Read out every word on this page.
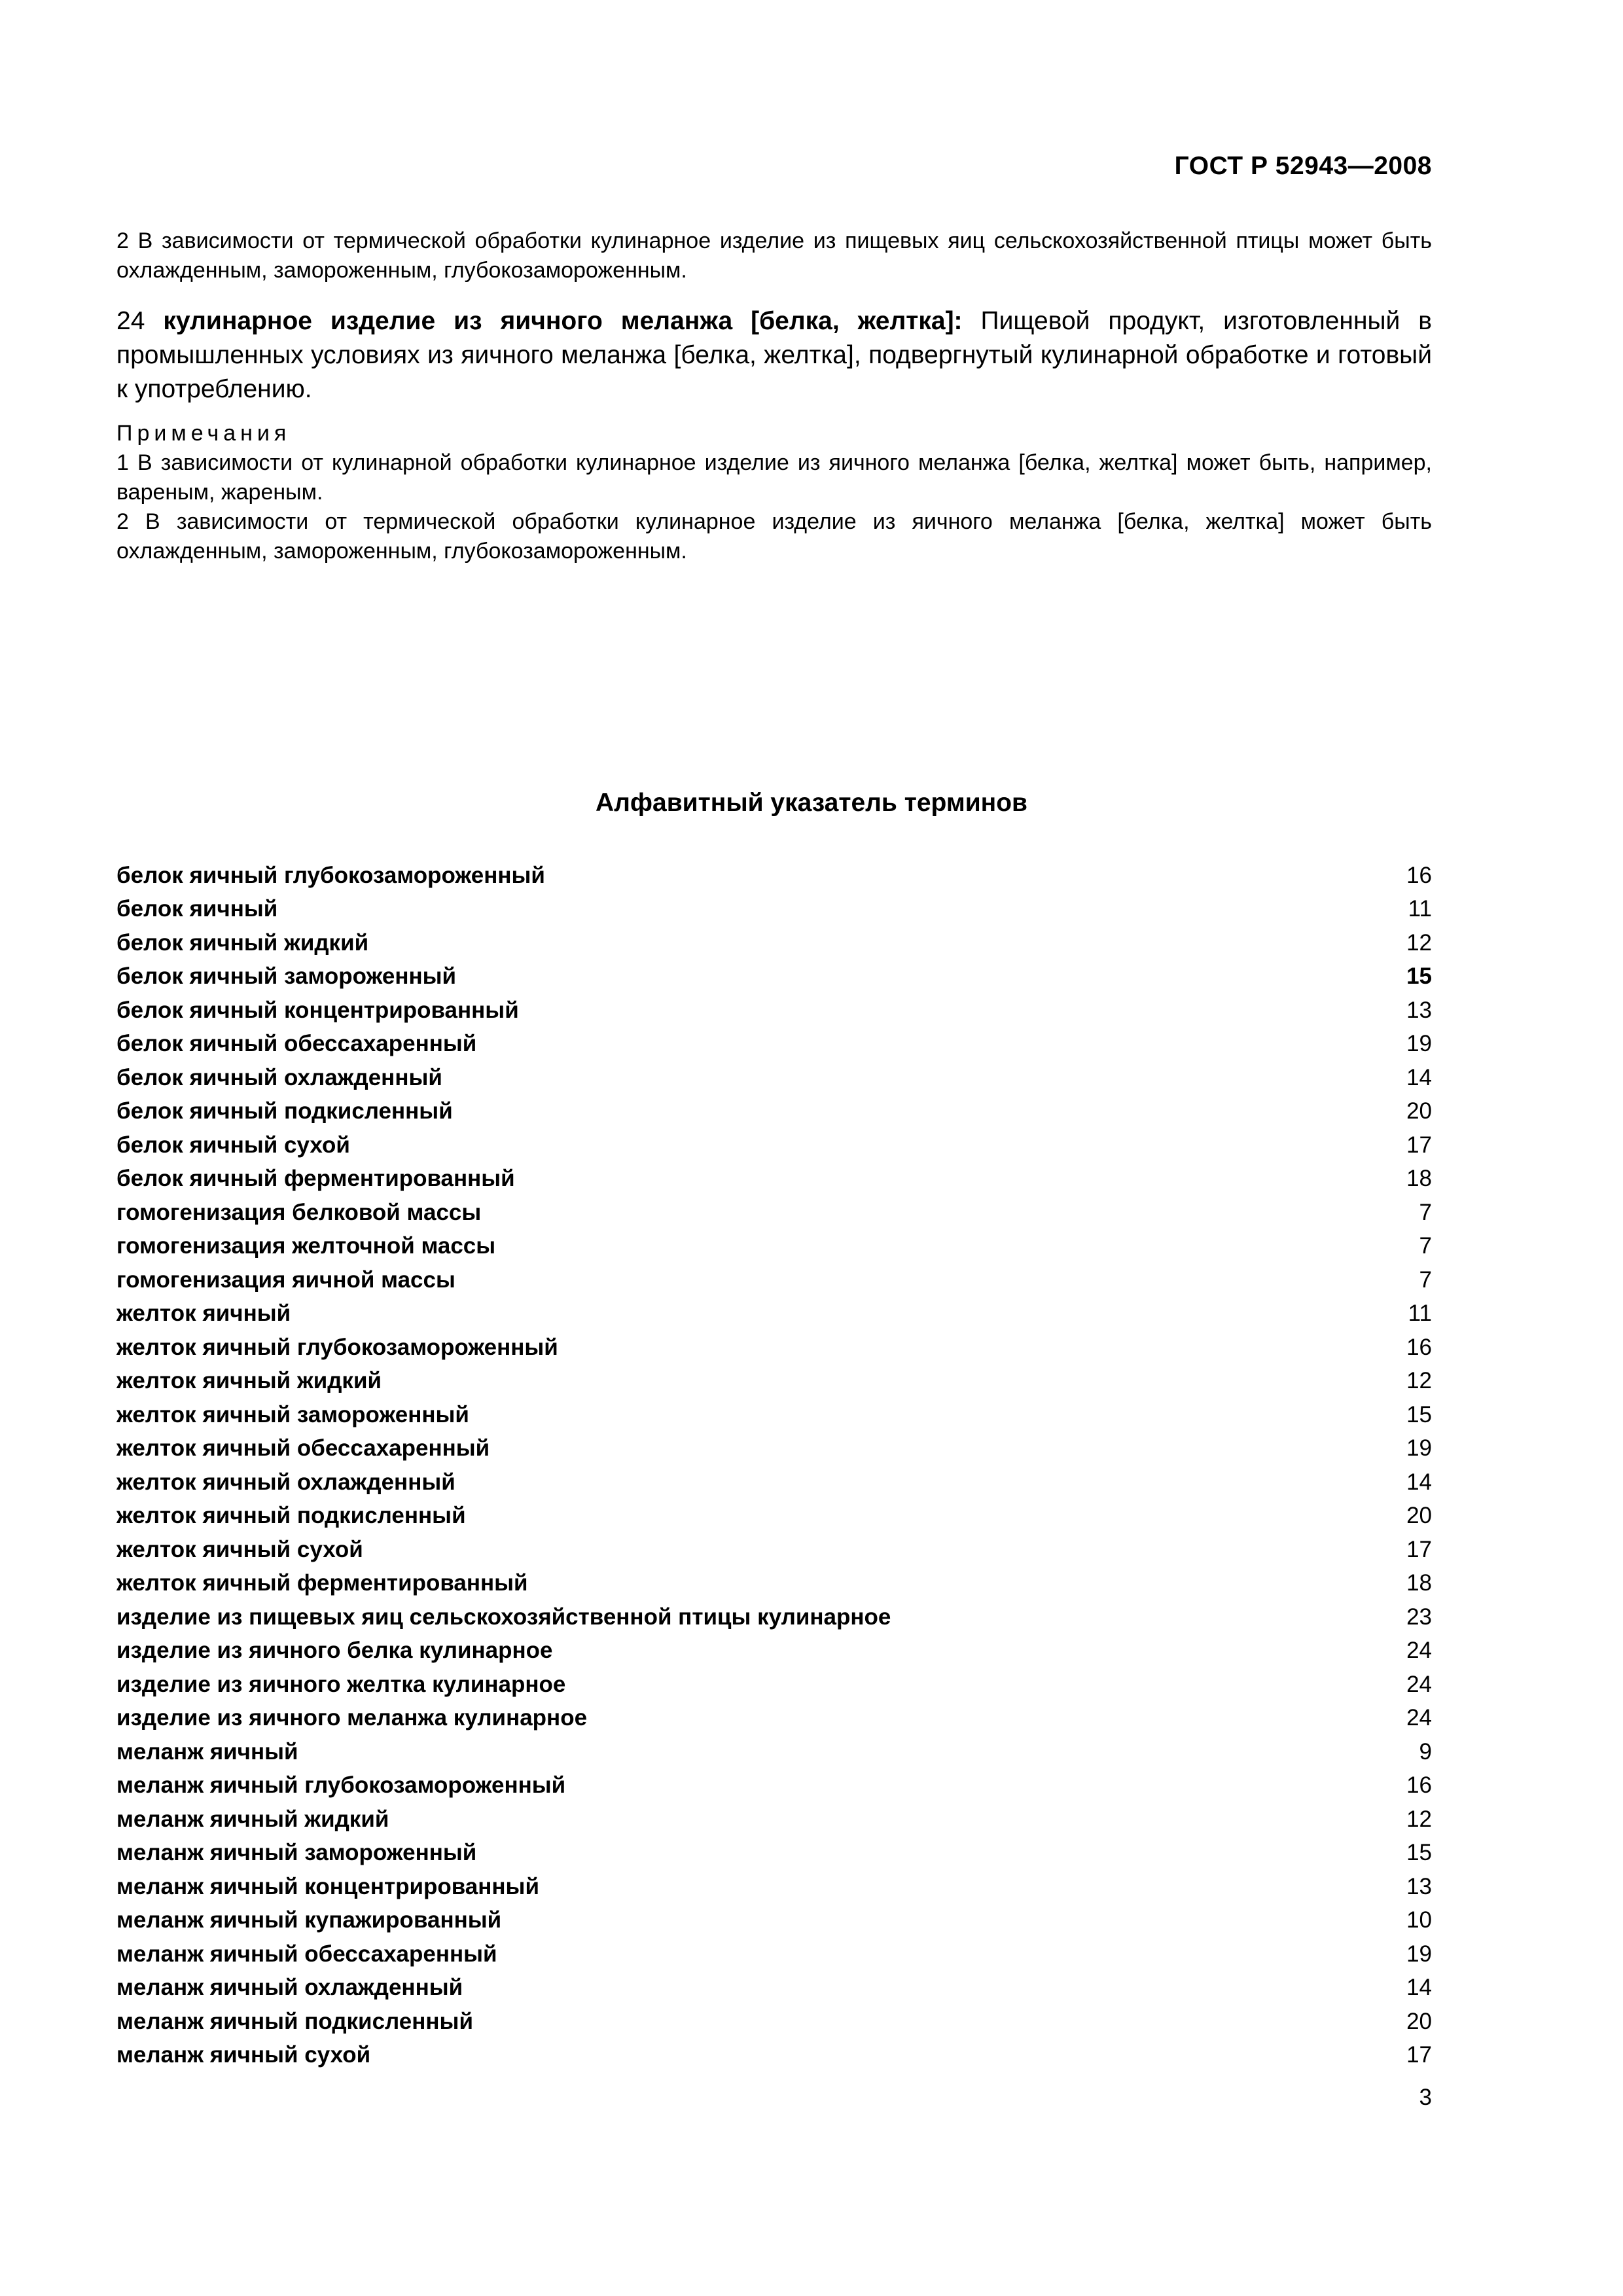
ГОСТ Р 52943—2008
2 В зависимости от термической обработки кулинарное изделие из пищевых яиц сельскохозяйственной птицы может быть охлажденным, замороженным, глубокозамороженным.
24 кулинарное изделие из яичного меланжа [белка, желтка]: Пищевой продукт, изготовленный в промышленных условиях из яичного меланжа [белка, желтка], подвергнутый кулинарной обработке и готовый к употреблению.
Примечания
1 В зависимости от кулинарной обработки кулинарное изделие из яичного меланжа [белка, желтка] может быть, например, вареным, жареным.
2 В зависимости от термической обработки кулинарное изделие из яичного меланжа [белка, желтка] может быть охлажденным, замороженным, глубокозамороженным.
Алфавитный указатель терминов
белок яичный глубокозамороженный	16
белок яичный	11
белок яичный жидкий	12
белок яичный замороженный	15
белок яичный концентрированный	13
белок яичный обессахаренный	19
белок яичный охлажденный	14
белок яичный подкисленный	20
белок яичный сухой	17
белок яичный ферментированный	18
гомогенизация белковой массы	7
гомогенизация желточной массы	7
гомогенизация яичной массы	7
желток яичный	11
желток яичный глубокозамороженный	16
желток яичный жидкий	12
желток яичный замороженный	15
желток яичный обессахаренный	19
желток яичный охлажденный	14
желток яичный подкисленный	20
желток яичный сухой	17
желток яичный ферментированный	18
изделие из пищевых яиц сельскохозяйственной птицы кулинарное	23
изделие из яичного белка кулинарное	24
изделие из яичного желтка кулинарное	24
изделие из яичного меланжа кулинарное	24
меланж яичный	9
меланж яичный глубокозамороженный	16
меланж яичный жидкий	12
меланж яичный замороженный	15
меланж яичный концентрированный	13
меланж яичный купажированный	10
меланж яичный обессахаренный	19
меланж яичный охлажденный	14
меланж яичный подкисленный	20
меланж яичный сухой	17
3
